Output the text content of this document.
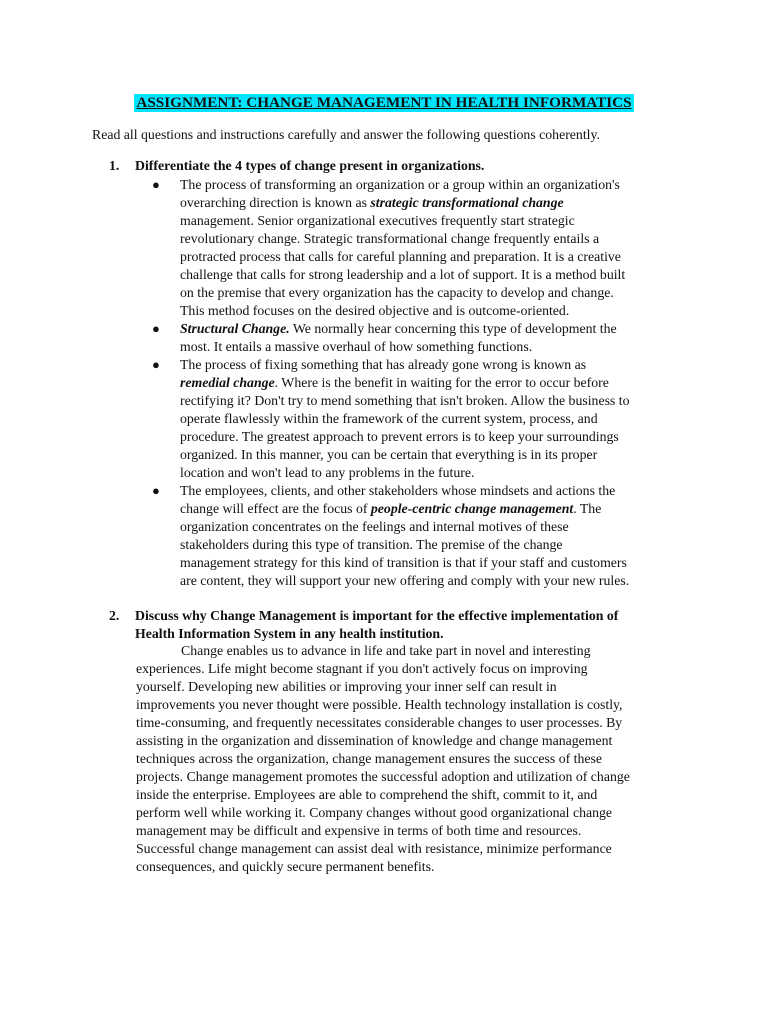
ASSIGNMENT: CHANGE MANAGEMENT IN HEALTH INFORMATICS
Read all questions and instructions carefully and answer the following questions coherently.
1. Differentiate the 4 types of change present in organizations.
● The process of transforming an organization or a group within an organization's
overarching direction is known as strategic transformational change
management. Senior organizational executives frequently start strategic
revolutionary change. Strategic transformational change frequently entails a
protracted process that calls for careful planning and preparation. It is a creative
challenge that calls for strong leadership and a lot of support. It is a method built
on the premise that every organization has the capacity to develop and change.
This method focuses on the desired objective and is outcome-oriented.
● Structural Change. We normally hear concerning this type of development the
most. It entails a massive overhaul of how something functions.
● The process of fixing something that has already gone wrong is known as
remedial change. Where is the benefit in waiting for the error to occur before
rectifying it? Don't try to mend something that isn't broken. Allow the business to
operate flawlessly within the framework of the current system, process, and
procedure. The greatest approach to prevent errors is to keep your surroundings
organized. In this manner, you can be certain that everything is in its proper
location and won't lead to any problems in the future.
● The employees, clients, and other stakeholders whose mindsets and actions the
change will effect are the focus of people-centric change management. The
organization concentrates on the feelings and internal motives of these
stakeholders during this type of transition. The premise of the change
management strategy for this kind of transition is that if your staff and customers
are content, they will support your new offering and comply with your new rules.
2. Discuss why Change Management is important for the effective implementation of
Health Information System in any health institution.
Change enables us to advance in life and take part in novel and interesting
experiences. Life might become stagnant if you don't actively focus on improving
yourself. Developing new abilities or improving your inner self can result in
improvements you never thought were possible. Health technology installation is costly,
time-consuming, and frequently necessitates considerable changes to user processes. By
assisting in the organization and dissemination of knowledge and change management
techniques across the organization, change management ensures the success of these
projects. Change management promotes the successful adoption and utilization of change
inside the enterprise. Employees are able to comprehend the shift, commit to it, and
perform well while working it. Company changes without good organizational change
management may be difficult and expensive in terms of both time and resources.
Successful change management can assist deal with resistance, minimize performance
consequences, and quickly secure permanent benefits.
